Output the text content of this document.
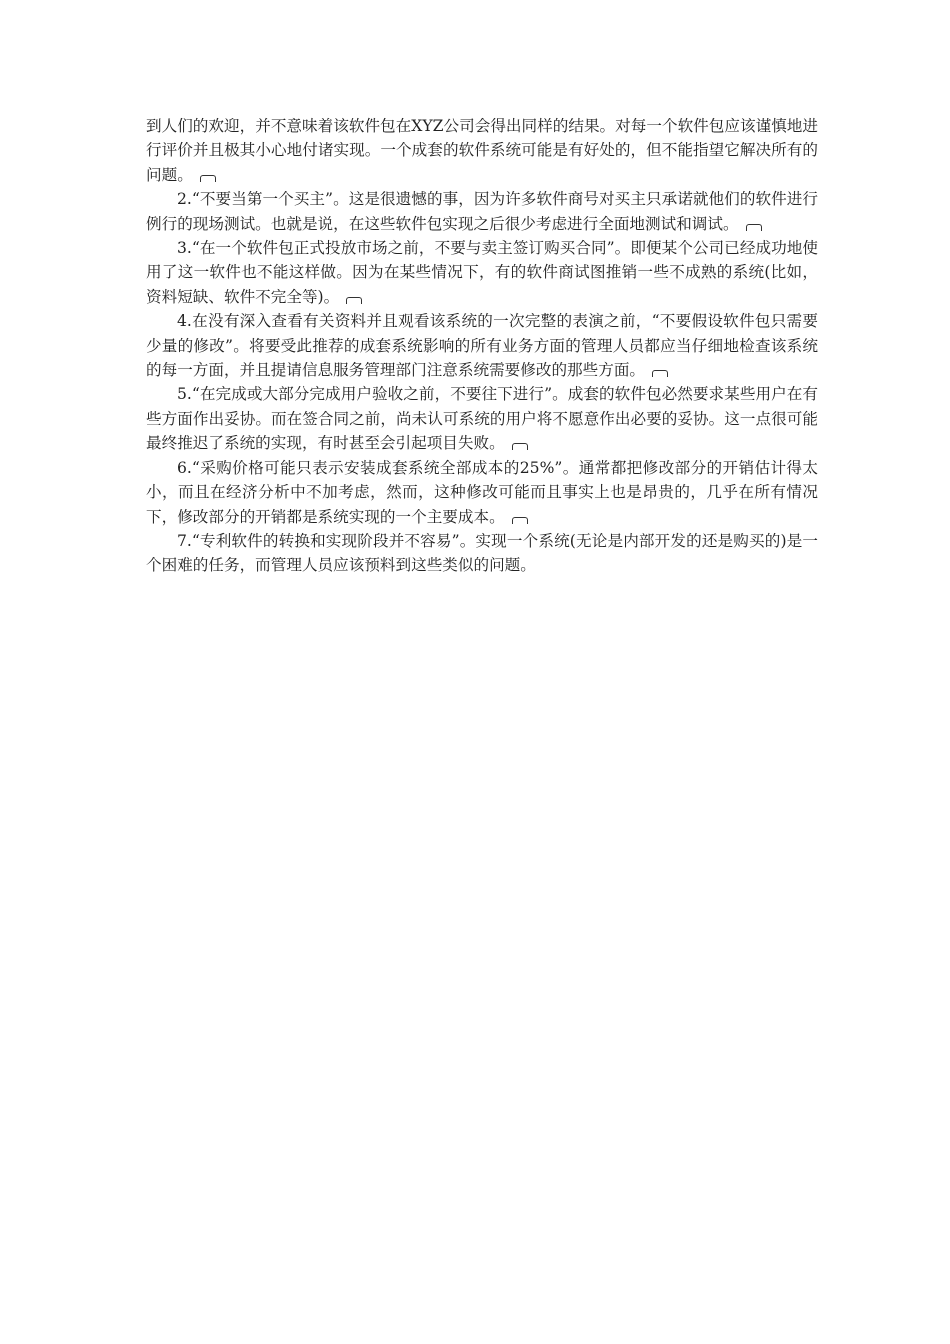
到人们的欢迎，并不意味着该软件包在XYZ公司会得出同样的结果。对每一个软件包应该谨慎地进行评价并且极其小心地付诸实现。一个成套的软件系统可能是有好处的，但不能指望它解决所有的问题。

2.“不要当第一个买主”。这是很遗憾的事，因为许多软件商号对买主只承诺就他们的软件进行例行的现场测试。也就是说，在这些软件包实现之后很少考虑进行全面地测试和调试。

3.“在一个软件包正式投放市场之前，不要与卖主签订购买合同”。即便某个公司已经成功地使用了这一软件也不能这样做。因为在某些情况下，有的软件商试图推销一些不成熟的系统(比如，资料短缺、软件不完全等)。

4.在没有深入查看有关资料并且观看该系统的一次完整的表演之前，“不要假设软件包只需要少量的修改”。将要受此推荐的成套系统影响的所有业务方面的管理人员都应当仔细地检查该系统的每一方面，并且提请信息服务管理部门注意系统需要修改的那些方面。

5.“在完成或大部分完成用户验收之前，不要往下进行”。成套的软件包必然要求某些用户在有些方面作出妥协。而在签合同之前，尚未认可系统的用户将不愿意作出必要的妥协。这一点很可能最终推迟了系统的实现，有时甚至会引起项目失败。

6.“采购价格可能只表示安装成套系统全部成本的25%”。通常都把修改部分的开销估计得太小，而且在经济分析中不加考虑，然而，这种修改可能而且事实上也是昂贵的，几乎在所有情况下，修改部分的开销都是系统实现的一个主要成本。

7.“专利软件的转换和实现阶段并不容易”。实现一个系统(无论是内部开发的还是购买的)是一个困难的任务，而管理人员应该预料到这些类似的问题。
